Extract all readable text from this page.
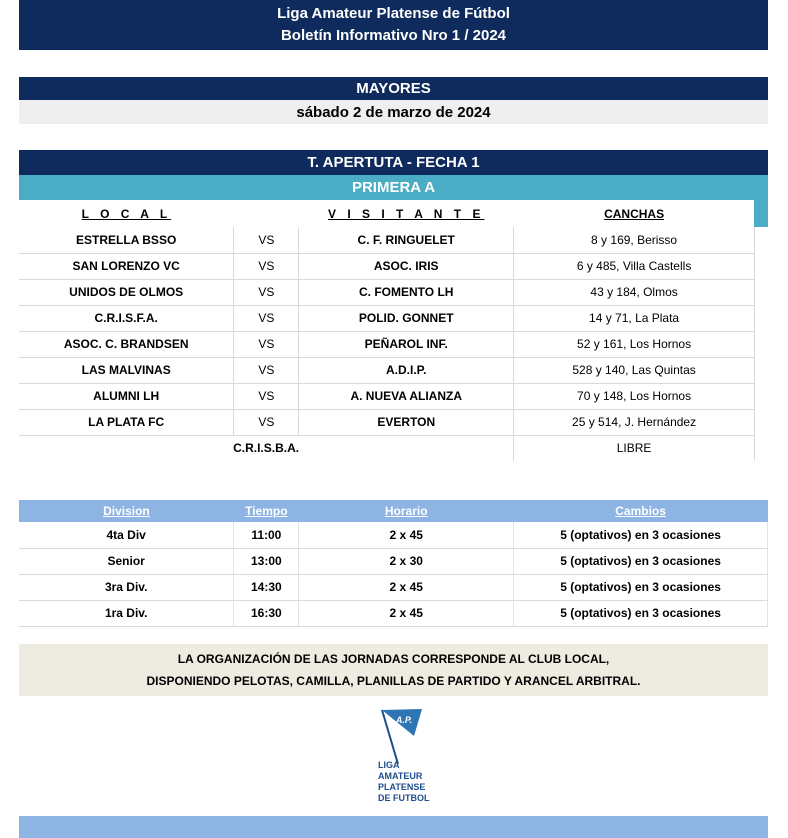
Liga Amateur Platense de Fútbol
Boletín Informativo Nro 1 / 2024
MAYORES
sábado 2 de marzo de 2024
T. APERTUTA - FECHA 1
PRIMERA A
L O C A L		V I S I T A N T E	CANCHAS
ESTRELLA BSSO	VS	C. F. RINGUELET	8 y 169, Berisso
SAN LORENZO VC	VS	ASOC. IRIS	6 y 485, Villa Castells
UNIDOS DE OLMOS	VS	C. FOMENTO LH	43 y 184, Olmos
C.R.I.S.F.A.	VS	POLID. GONNET	14 y 71, La Plata
ASOC. C. BRANDSEN	VS	PEÑAROL INF.	52 y 161, Los Hornos
LAS MALVINAS	VS	A.D.I.P.	528 y 140, Las Quintas
ALUMNI LH	VS	A. NUEVA ALIANZA	70 y 148, Los Hornos
LA PLATA FC	VS	EVERTON	25 y 514, J. Hernández
C.R.I.S.B.A.			LIBRE
Division	Tiempo	Horario	Cambios
4ta Div	11:00	2 x 45	5 (optativos) en 3 ocasiones
Senior	13:00	2 x 30	5 (optativos) en 3 ocasiones
3ra Div.	14:30	2 x 45	5 (optativos) en 3 ocasiones
1ra Div.	16:30	2 x 45	5 (optativos) en 3 ocasiones
LA ORGANIZACIÓN DE LAS JORNADAS CORRESPONDE AL CLUB LOCAL,
DISPONIENDO PELOTAS, CAMILLA, PLANILLAS DE PARTIDO Y ARANCEL ARBITRAL.
L.A.P.
LIGA
AMATEUR
PLATENSE
DE FUTBOL
